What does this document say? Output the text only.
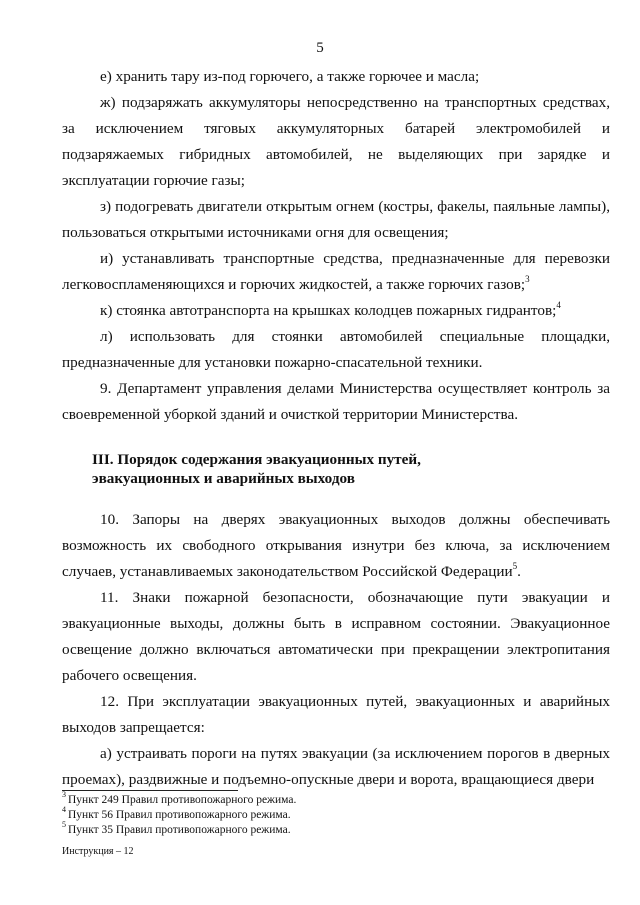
5

е) хранить тару из-под горючего, а также горючее и масла;

ж) подзаряжать аккумуляторы непосредственно на транспортных средствах, за исключением тяговых аккумуляторных батарей электромобилей и подзаряжаемых гибридных автомобилей, не выделяющих при зарядке и эксплуатации горючие газы;

з) подогревать двигатели открытым огнем (костры, факелы, паяльные лампы), пользоваться открытыми источниками огня для освещения;

и) устанавливать транспортные средства, предназначенные для перевозки легковоспламеняющихся и горючих жидкостей, а также горючих газов;$^3$

к) стоянка автотранспорта на крышках колодцев пожарных гидрантов;$^4$

л) использовать для стоянки автомобилей специальные площадки, предназначенные для установки пожарно-спасательной техники.

9. Департамент управления делами Министерства осуществляет контроль за своевременной уборкой зданий и очисткой территории Министерства.

III. Порядок содержания эвакуационных путей,
эвакуационных и аварийных выходов

10. Запоры на дверях эвакуационных выходов должны обеспечивать возможность их свободного открывания изнутри без ключа, за исключением случаев, устанавливаемых законодательством Российской Федерации$^5$.

11. Знаки пожарной безопасности, обозначающие пути эвакуации и эвакуационные выходы, должны быть в исправном состоянии. Эвакуационное освещение должно включаться автоматически при прекращении электропитания рабочего освещения.

12. При эксплуатации эвакуационных путей, эвакуационных и аварийных выходов запрещается:

а) устраивать пороги на путях эвакуации (за исключением порогов в дверных проемах), раздвижные и подъемно-опускные двери и ворота, вращающиеся двери

$^3$ Пункт 249 Правил противопожарного режима.
$^4$ Пункт 56 Правил противопожарного режима.
$^5$ Пункт 35 Правил противопожарного режима.
Инструкция – 12
